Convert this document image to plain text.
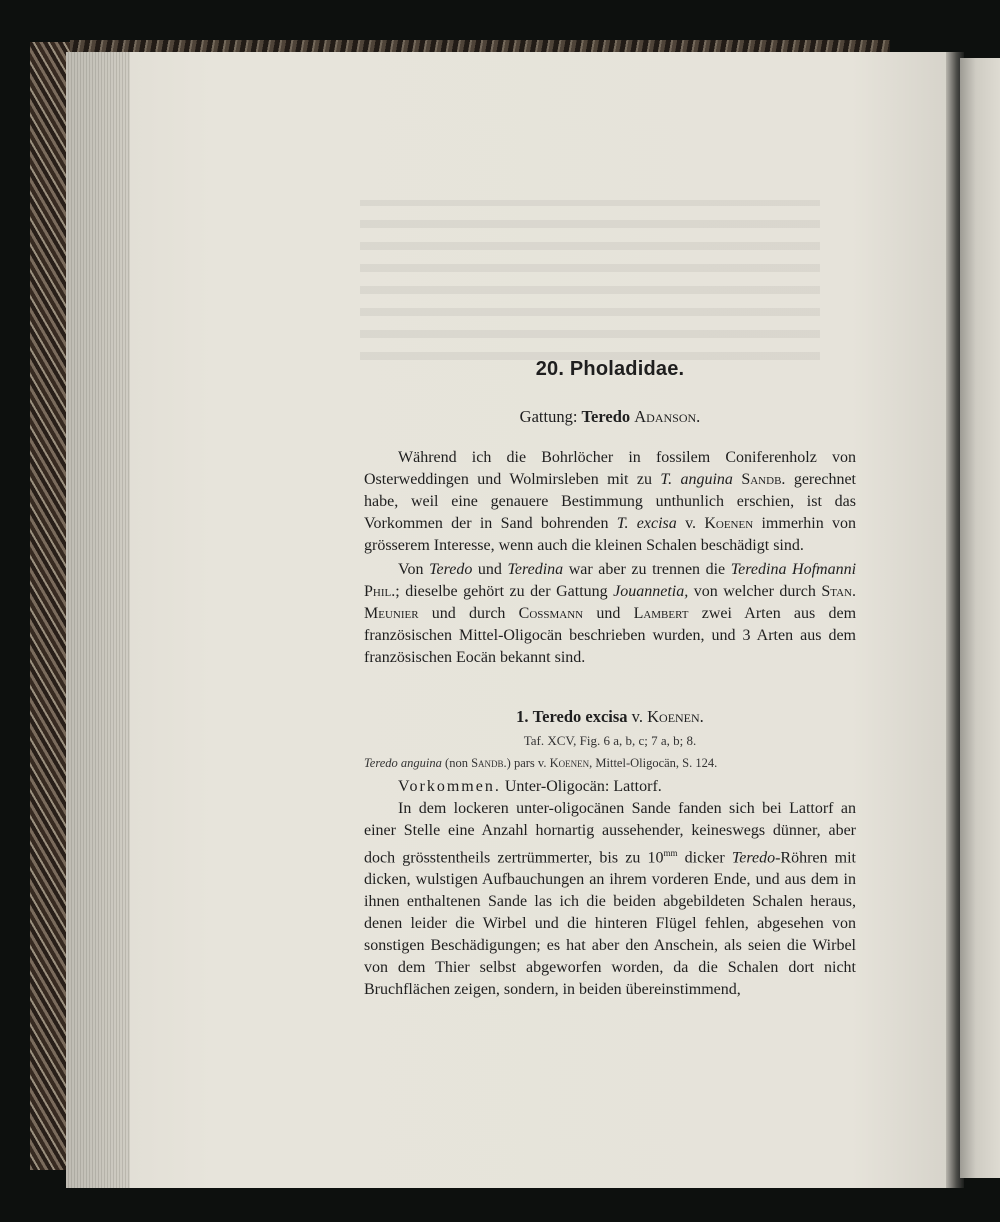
20. Pholadidae.
Gattung: Teredo Adanson.

Während ich die Bohrlöcher in fossilem Coniferenholz von Osterweddingen und Wolmirsleben mit zu T. anguina Sandb. gerechnet habe, weil eine genauere Bestimmung unthunlich erschien, ist das Vorkommen der in Sand bohrenden T. excisa v. Koenen immerhin von grösserem Interesse, wenn auch die kleinen Schalen beschädigt sind.

Von Teredo und Teredina war aber zu trennen die Teredina Hofmanni Phil.; dieselbe gehört zu der Gattung Jouannetia, von welcher durch Stan. Meunier und durch Cossmann und Lambert zwei Arten aus dem französischen Mittel-Oligocän beschrieben wurden, und 3 Arten aus dem französischen Eocän bekannt sind.

1. Teredo excisa v. Koenen.
Taf. XCV, Fig. 6 a, b, c; 7 a, b; 8.
Teredo anguina (non Sandb.) pars v. Koenen, Mittel-Oligocän, S. 124.

Vorkommen. Unter-Oligocän: Lattorf.

In dem lockeren unter-oligocänen Sande fanden sich bei Lattorf an einer Stelle eine Anzahl hornartig aussehender, keineswegs dünner, aber doch grösstentheils zertrümmerter, bis zu $10^{mm}$ dicker Teredo-Röhren mit dicken, wulstigen Aufbauchungen an ihrem vorderen Ende, und aus dem in ihnen enthaltenen Sande las ich die beiden abgebildeten Schalen heraus, denen leider die Wirbel und die hinteren Flügel fehlen, abgesehen von sonstigen Beschädigungen; es hat aber den Anschein, als seien die Wirbel von dem Thier selbst abgeworfen worden, da die Schalen dort nicht Bruchflächen zeigen, sondern, in beiden übereinstimmend,
